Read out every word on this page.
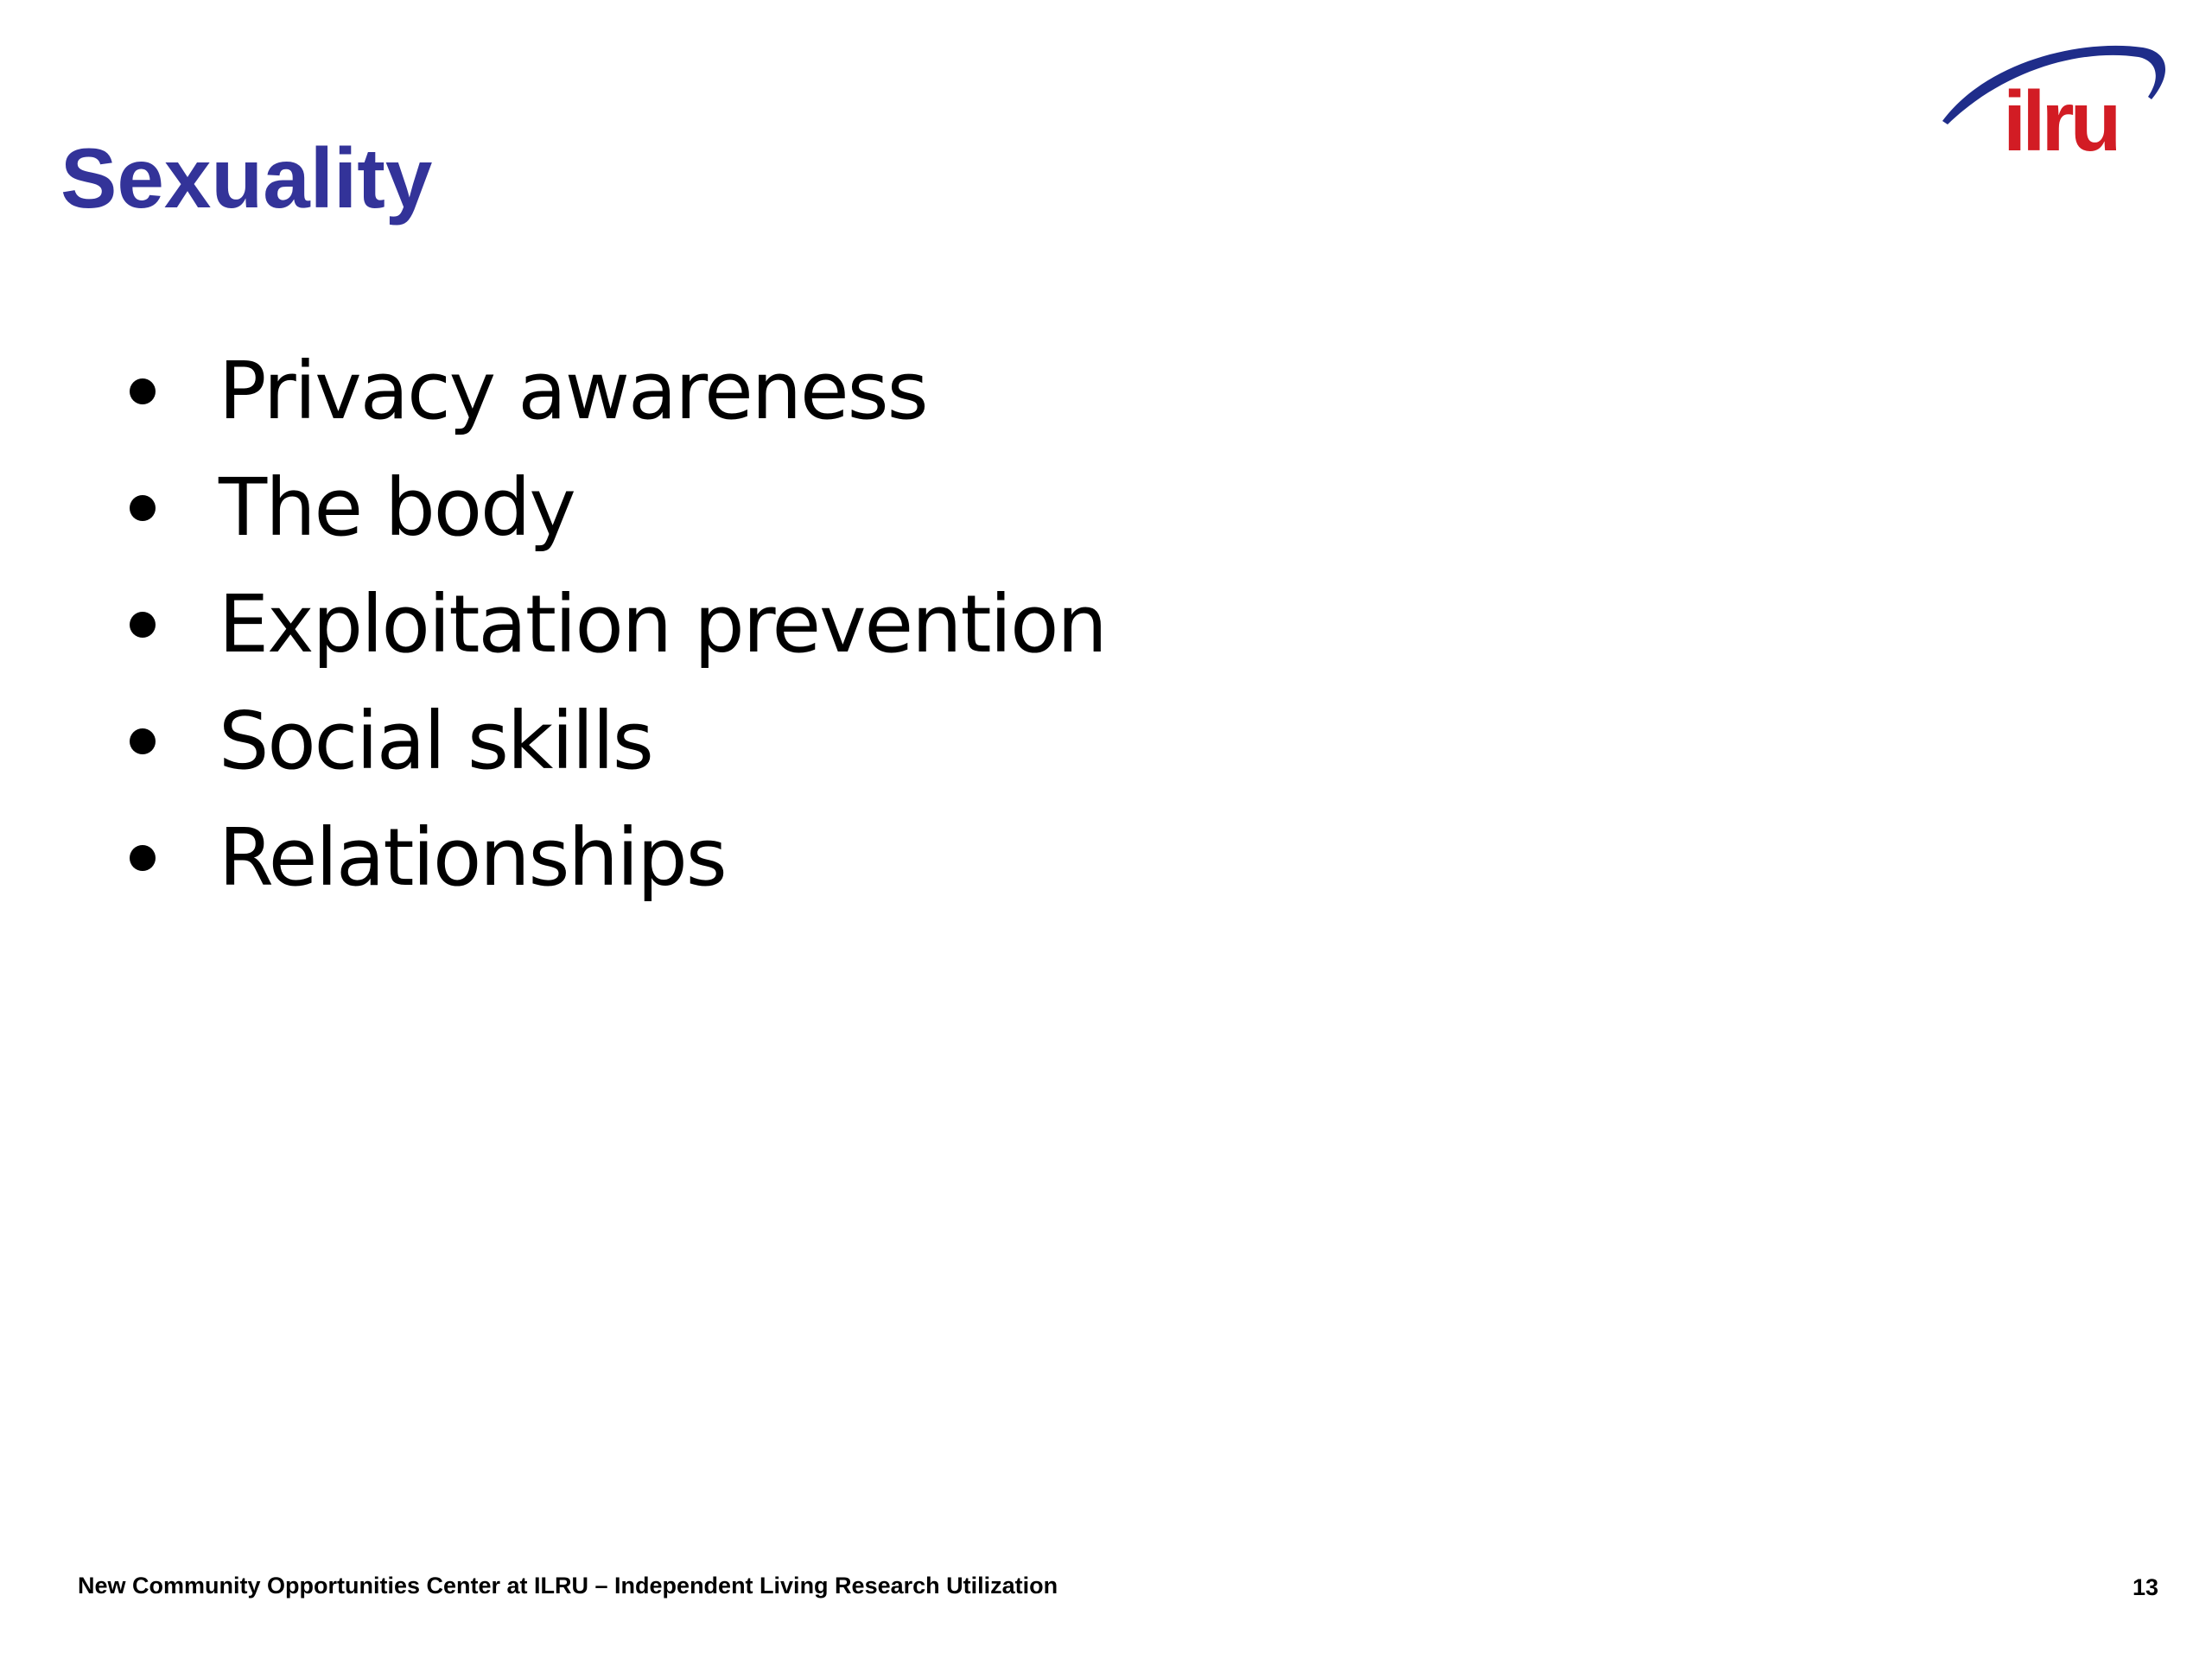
Sexuality
ilru
Privacy awareness
The body
Exploitation prevention
Social skills
Relationships
New Community Opportunities Center at ILRU – Independent Living Research Utilization	13
